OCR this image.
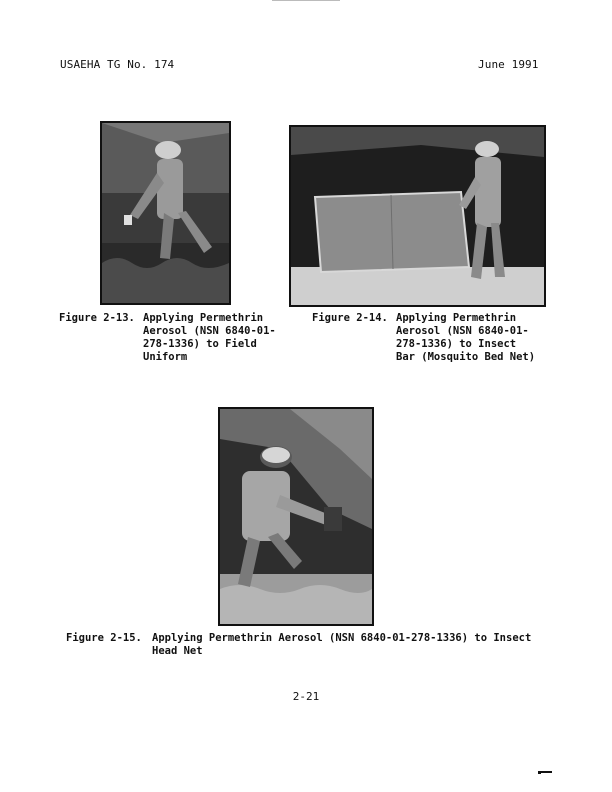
USAEHA TG No. 174	June 1991
Figure 2-13. Applying Permethrin
Aerosol (NSN 6840-01-
278-1336) to Field
Uniform
Figure 2-14. Applying Permethrin
Aerosol (NSN 6840-01-
278-1336) to Insect
Bar (Mosquito Bed Net)
Figure 2-15. Applying Permethrin Aerosol (NSN 6840-01-278-1336) to Insect
Head Net
2-21
